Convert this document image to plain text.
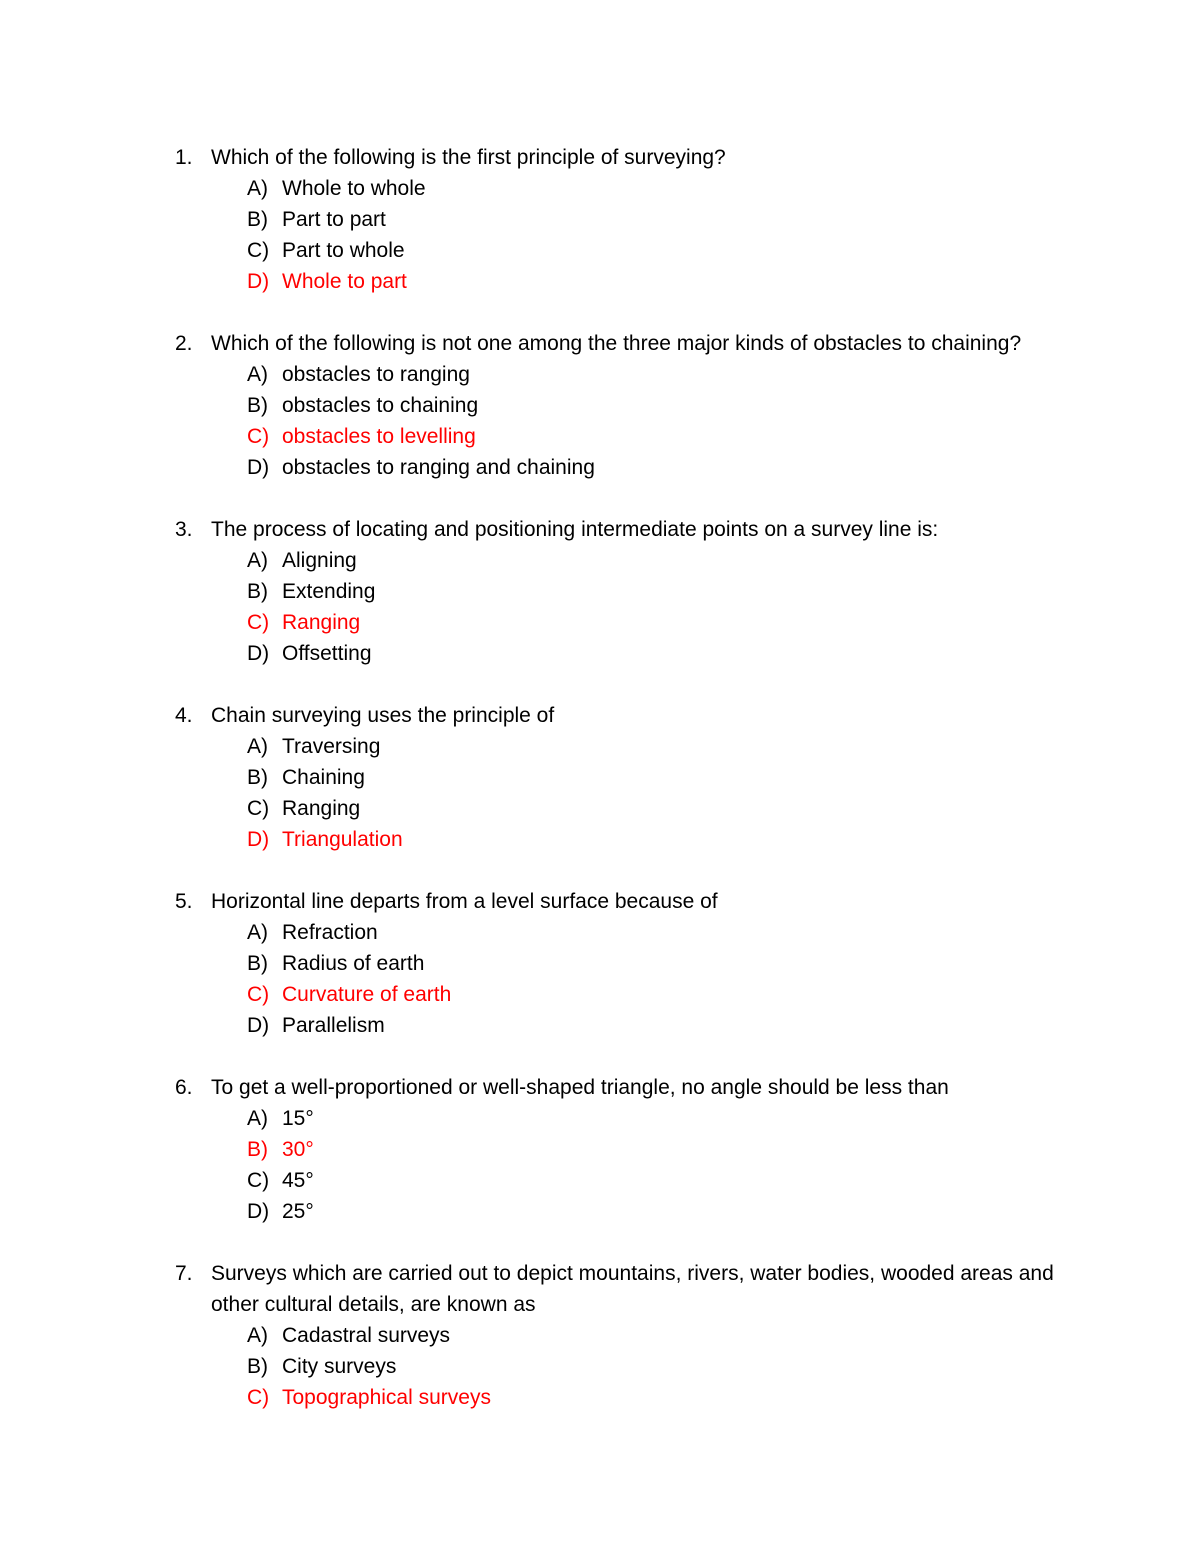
1. Which of the following is the first principle of surveying?
A) Whole to whole
B) Part to part
C) Part to whole
D) Whole to part
2. Which of the following is not one among the three major kinds of obstacles to chaining?
A) obstacles to ranging
B) obstacles to chaining
C) obstacles to levelling
D) obstacles to ranging and chaining
3. The process of locating and positioning intermediate points on a survey line is:
A) Aligning
B) Extending
C) Ranging
D) Offsetting
4. Chain surveying uses the principle of
A) Traversing
B) Chaining
C) Ranging
D) Triangulation
5. Horizontal line departs from a level surface because of
A) Refraction
B) Radius of earth
C) Curvature of earth
D) Parallelism
6. To get a well-proportioned or well-shaped triangle, no angle should be less than
A) 15°
B) 30°
C) 45°
D) 25°
7. Surveys which are carried out to depict mountains, rivers, water bodies, wooded areas and other cultural details, are known as
A) Cadastral surveys
B) City surveys
C) Topographical surveys
